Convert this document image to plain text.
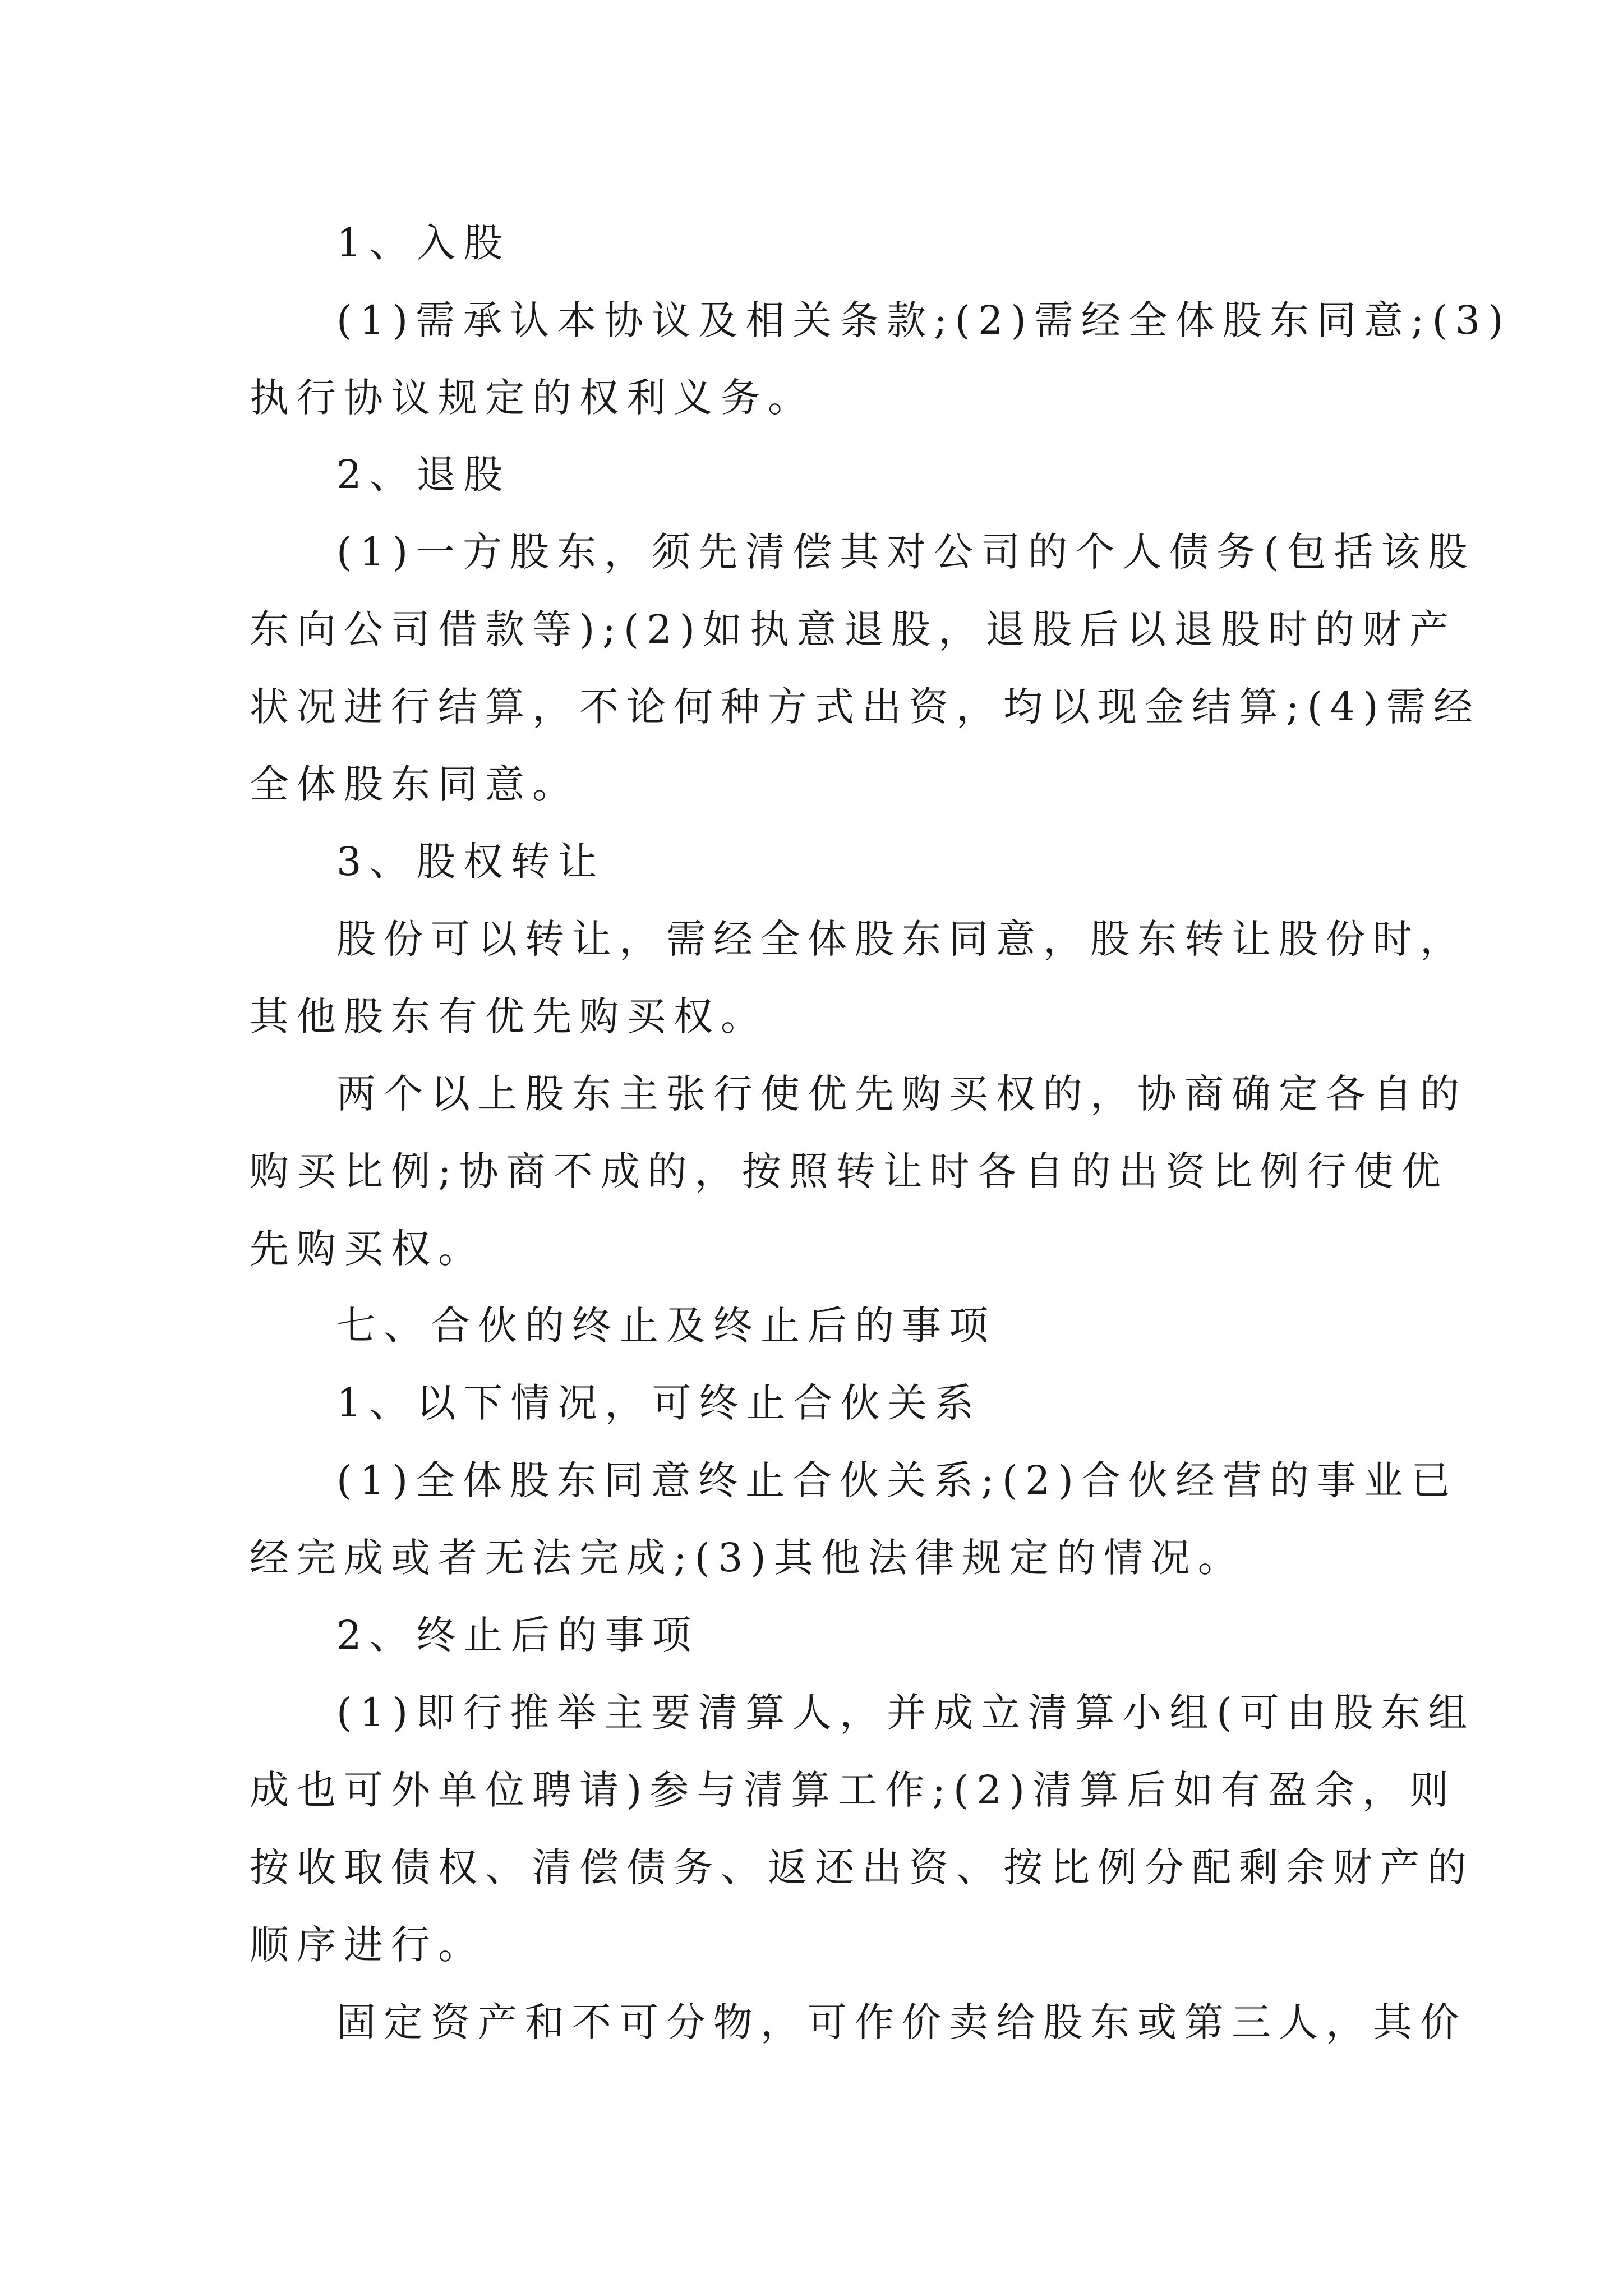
1、入股
(1)需承认本协议及相关条款;(2)需经全体股东同意;(3)
执行协议规定的权利义务。
2、退股
(1)一方股东，须先清偿其对公司的个人债务(包括该股
东向公司借款等);(2)如执意退股，退股后以退股时的财产
状况进行结算，不论何种方式出资，均以现金结算;(4)需经
全体股东同意。
3、股权转让
股份可以转让，需经全体股东同意，股东转让股份时，
其他股东有优先购买权。
两个以上股东主张行使优先购买权的，协商确定各自的
购买比例;协商不成的，按照转让时各自的出资比例行使优
先购买权。
七、合伙的终止及终止后的事项
1、以下情况，可终止合伙关系
(1)全体股东同意终止合伙关系;(2)合伙经营的事业已
经完成或者无法完成;(3)其他法律规定的情况。
2、终止后的事项
(1)即行推举主要清算人，并成立清算小组(可由股东组
成也可外单位聘请)参与清算工作;(2)清算后如有盈余，则
按收取债权、清偿债务、返还出资、按比例分配剩余财产的
顺序进行。
固定资产和不可分物，可作价卖给股东或第三人，其价
